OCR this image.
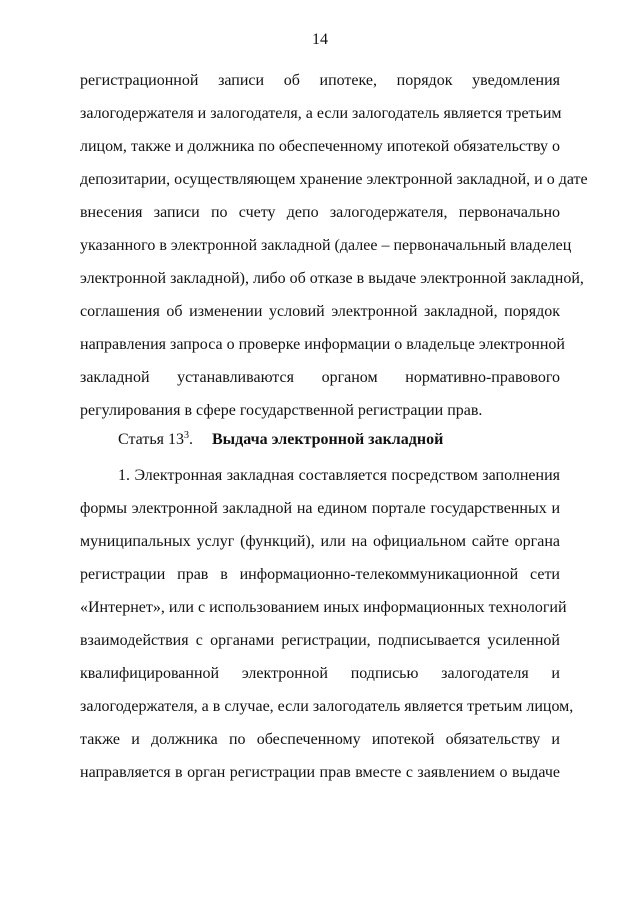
14
регистрационной записи об ипотеке, порядок уведомления
залогодержателя и залогодателя, а если залогодатель является третьим
лицом, также и должника по обеспеченному ипотекой обязательству о
депозитарии, осуществляющем хранение электронной закладной, и о дате
внесения записи по счету депо залогодержателя, первоначально
указанного в электронной закладной (далее – первоначальный владелец
электронной закладной), либо об отказе в выдаче электронной закладной,
соглашения об изменении условий электронной закладной, порядок
направления запроса о проверке информации о владельце электронной
закладной устанавливаются органом нормативно-правового
регулирования в сфере государственной регистрации прав.
Статья $13^3$. Выдача электронной закладной
1. Электронная закладная составляется посредством заполнения
формы электронной закладной на едином портале государственных и
муниципальных услуг (функций), или на официальном сайте органа
регистрации прав в информационно-телекоммуникационной сети
«Интернет», или с использованием иных информационных технологий
взаимодействия с органами регистрации, подписывается усиленной
квалифицированной электронной подписью залогодателя и
залогодержателя, а в случае, если залогодатель является третьим лицом,
также и должника по обеспеченному ипотекой обязательству и
направляется в орган регистрации прав вместе с заявлением о выдаче
